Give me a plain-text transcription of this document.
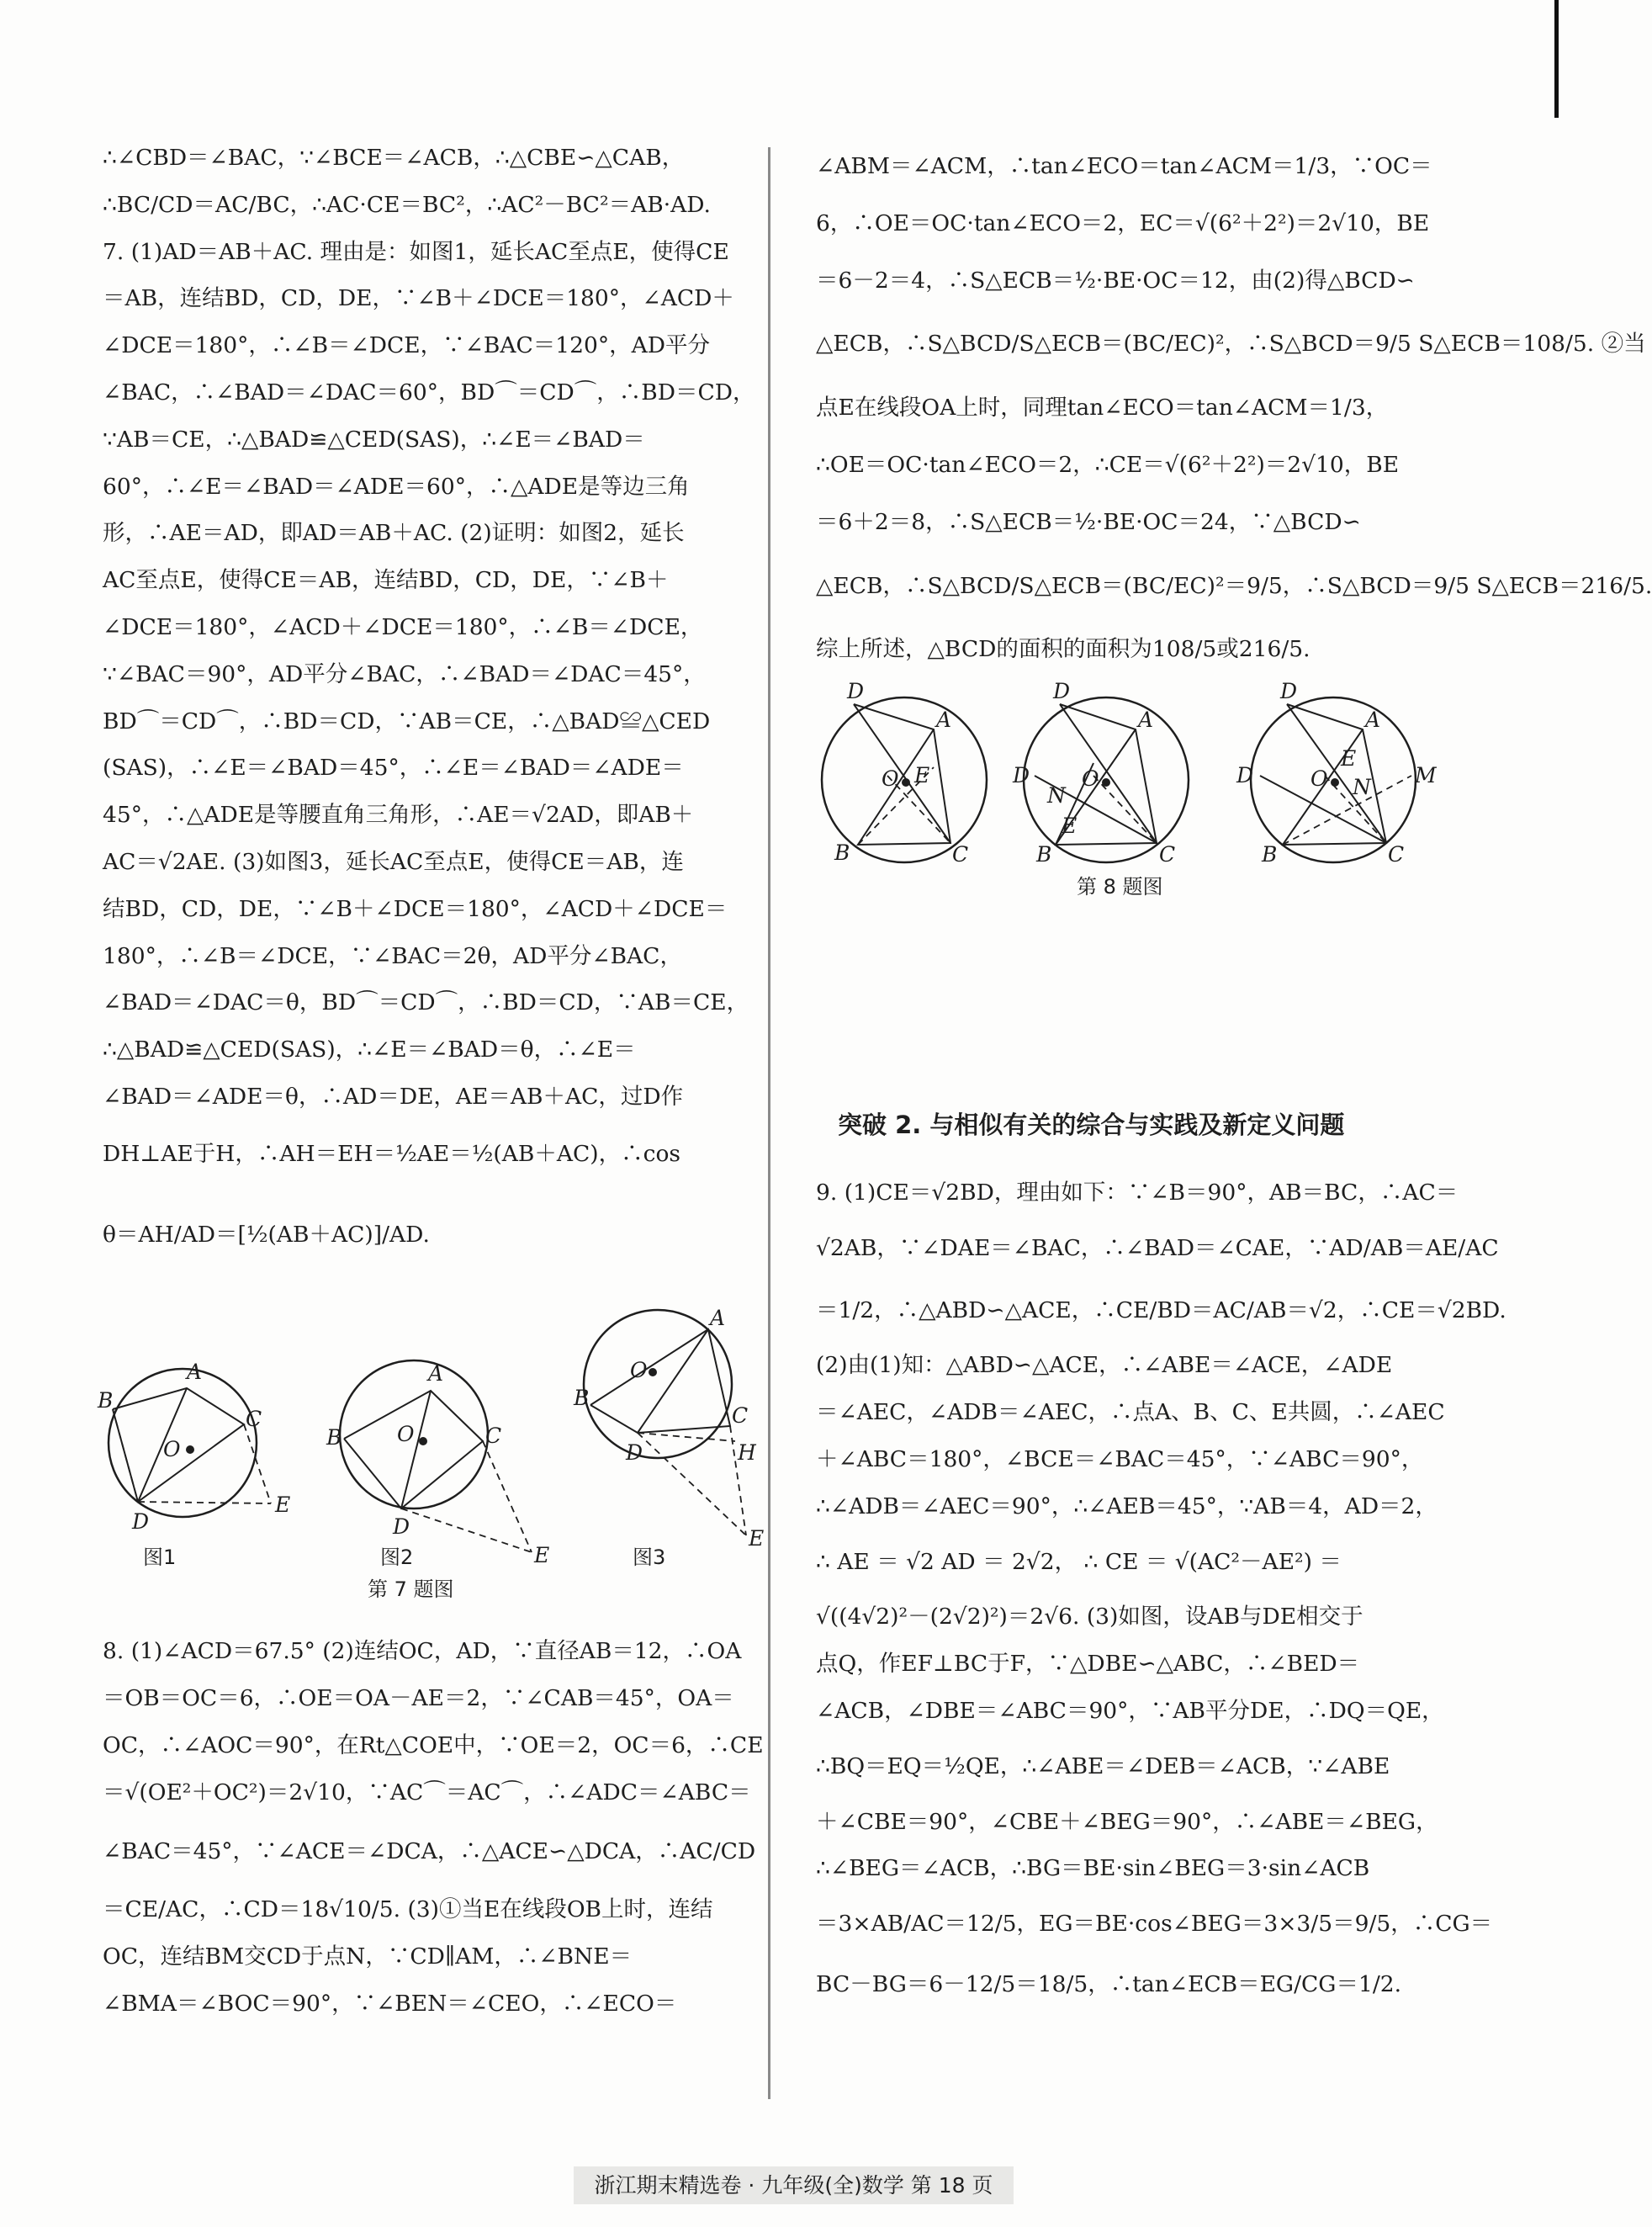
∴∠CBD＝∠BAC，∵∠BCE＝∠ACB，∴△CBE∽△CAB，
∴BC/CD＝AC/BC，∴AC·CE＝BC²，∴AC²－BC²＝AB·AD.
7. (1)AD＝AB＋AC. 理由是：如图1，延长AC至点E，使得CE
＝AB，连结BD，CD，DE，∵∠B＋∠DCE＝180°，∠ACD＋
∠DCE＝180°，∴∠B＝∠DCE，∵∠BAC＝120°，AD平分
∠BAC，∴∠BAD＝∠DAC＝60°，BD⌒＝CD⌒，∴BD＝CD，
∵AB＝CE，∴△BAD≌△CED(SAS)，∴∠E＝∠BAD＝
60°，∴∠E＝∠BAD＝∠ADE＝60°，∴△ADE是等边三角
形，∴AE＝AD，即AD＝AB＋AC. (2)证明：如图2，延长
AC至点E，使得CE＝AB，连结BD，CD，DE，∵∠B＋
∠DCE＝180°，∠ACD＋∠DCE＝180°，∴∠B＝∠DCE，
∵∠BAC＝90°，AD平分∠BAC，∴∠BAD＝∠DAC＝45°，
BD⌒＝CD⌒，∴BD＝CD，∵AB＝CE，∴△BAD≌△CED
(SAS)，∴∠E＝∠BAD＝45°，∴∠E＝∠BAD＝∠ADE＝
45°，∴△ADE是等腰直角三角形，∴AE＝√2AD，即AB＋
AC＝√2AE. (3)如图3，延长AC至点E，使得CE＝AB，连
结BD，CD，DE，∵∠B＋∠DCE＝180°，∠ACD＋∠DCE＝
180°，∴∠B＝∠DCE，∵∠BAC＝2θ，AD平分∠BAC，
∠BAD＝∠DAC＝θ，BD⌒＝CD⌒，∴BD＝CD，∵AB＝CE，
∴△BAD≌△CED(SAS)，∴∠E＝∠BAD＝θ，∴∠E＝
∠BAD＝∠ADE＝θ，∴AD＝DE，AE＝AB＋AC，过D作
DH⊥AE于H，∴AH＝EH＝½AE＝½(AB＋AC)，∴cos
θ＝AH/AD＝[½(AB＋AC)]/AD.
B
A
C
O
D
E
B
A
C
O
D
E
B
A
C
O
D	H
E
图1	图2	图3
第 7 题图
8. (1)∠ACD＝67.5° (2)连结OC，AD，∵直径AB＝12，∴OA
＝OB＝OC＝6，∴OE＝OA－AE＝2，∵∠CAB＝45°，OA＝
OC，∴∠AOC＝90°，在Rt△COE中，∵OE＝2，OC＝6，∴CE
＝√(OE²＋OC²)＝2√10，∵AC⌒＝AC⌒，∴∠ADC＝∠ABC＝
∠BAC＝45°，∵∠ACE＝∠DCA，∴△ACE∽△DCA，∴AC/CD
＝CE/AC，∴CD＝18√10/5. (3)①当E在线段OB上时，连结
OC，连结BM交CD于点N，∵CD∥AM，∴∠BNE＝
∠BMA＝∠BOC＝90°，∵∠BEN＝∠CEO，∴∠ECO＝
∠ABM＝∠ACM，∴tan∠ECO＝tan∠ACM＝1/3，∵OC＝
6，∴OE＝OC·tan∠ECO＝2，EC＝√(6²＋2²)＝2√10，BE
＝6－2＝4，∴S△ECB＝½·BE·OC＝12，由(2)得△BCD∽
△ECB，∴S△BCD/S△ECB＝(BC/EC)²，∴S△BCD＝9/5 S△ECB＝108/5. ②当
点E在线段OA上时，同理tan∠ECO＝tan∠ACM＝1/3，
∴OE＝OC·tan∠ECO＝2，∴CE＝√(6²＋2²)＝2√10，BE
＝6＋2＝8，∴S△ECB＝½·BE·OC＝24，∵△BCD∽
△ECB，∴S△BCD/S△ECB＝(BC/EC)²＝9/5，∴S△BCD＝9/5 S△ECB＝216/5.
综上所述，△BCD的面积的面积为108/5或216/5.
D
A
O E
B	C
D
A
O
D
N
E
B	C
D
A
O
E
N
D	M
B	C
第 8 题图
突破 2. 与相似有关的综合与实践及新定义问题
9. (1)CE＝√2BD，理由如下：∵∠B＝90°，AB＝BC，∴AC＝
√2AB，∵∠DAE＝∠BAC，∴∠BAD＝∠CAE，∵AD/AB＝AE/AC
＝1/2，∴△ABD∽△ACE，∴CE/BD＝AC/AB＝√2，∴CE＝√2BD.
(2)由(1)知：△ABD∽△ACE，∴∠ABE＝∠ACE，∠ADE
＝∠AEC，∠ADB＝∠AEC，∴点A、B、C、E共圆，∴∠AEC
＋∠ABC＝180°，∠BCE＝∠BAC＝45°，∵∠ABC＝90°，
∴∠ADB＝∠AEC＝90°，∴∠AEB＝45°，∵AB＝4，AD＝2，
∴ AE ＝ √2 AD ＝ 2√2， ∴ CE ＝ √(AC²－AE²) ＝
√((4√2)²－(2√2)²)＝2√6. (3)如图，设AB与DE相交于
点Q，作EF⊥BC于F，∵△DBE∽△ABC，∴∠BED＝
∠ACB，∠DBE＝∠ABC＝90°，∵AB平分DE，∴DQ＝QE，
∴BQ＝EQ＝½QE，∴∠ABE＝∠DEB＝∠ACB，∵∠ABE
＋∠CBE＝90°，∠CBE＋∠BEG＝90°，∴∠ABE＝∠BEG，
∴∠BEG＝∠ACB，∴BG＝BE·sin∠BEG＝3·sin∠ACB
＝3×AB/AC＝12/5，EG＝BE·cos∠BEG＝3×3/5＝9/5，∴CG＝
BC－BG＝6－12/5＝18/5，∴tan∠ECB＝EG/CG＝1/2.
浙江期末精选卷 · 九年级(全)数学 第 18 页
